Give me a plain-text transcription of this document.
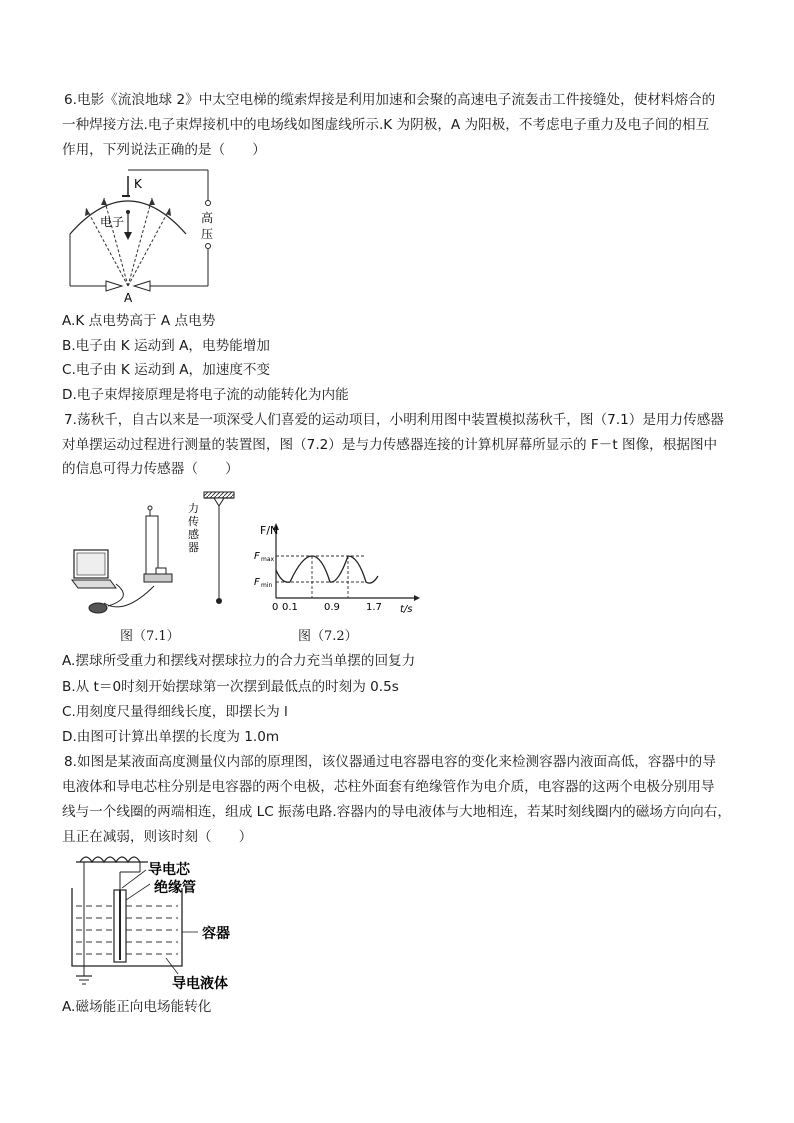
6.电影《流浪地球 2》中太空电梯的缆索焊接是利用加速和会聚的高速电子流轰击工件接缝处，使材料熔合的
一种焊接方法.电子束焊接机中的电场线如图虚线所示.K 为阴极，A 为阳极，不考虑电子重力及电子间的相互
作用，下列说法正确的是（　　）
K
电子
A
高
压
A.K 点电势高于 A 点电势
B.电子由 K 运动到 A，电势能增加
C.电子由 K 运动到 A，加速度不变
D.电子束焊接原理是将电子流的动能转化为内能
7.荡秋千，自古以来是一项深受人们喜爱的运动项目，小明利用图中装置模拟荡秋千，图（7.1）是用力传感器
对单摆运动过程进行测量的装置图，图（7.2）是与力传感器连接的计算机屏幕所显示的 F－t 图像，根据图中
的信息可得力传感器（　　）
力
传
感
器
F/N
t/s
F max
F min
0 0.1	0.9	1.7
图（7.1）	图（7.2）
A.摆球所受重力和摆线对摆球拉力的合力充当单摆的回复力
B.从 t＝0时刻开始摆球第一次摆到最低点的时刻为 0.5s
C.用刻度尺量得细线长度，即摆长为 l
D.由图可计算出单摆的长度为 1.0m
8.如图是某液面高度测量仪内部的原理图，该仪器通过电容器电容的变化来检测容器内液面高低，容器中的导
电液体和导电芯柱分别是电容器的两个电极，芯柱外面套有绝缘管作为电介质，电容器的这两个电极分别用导
线与一个线圈的两端相连，组成 LC 振荡电路.容器内的导电液体与大地相连，若某时刻线圈内的磁场方向向右，
且正在减弱，则该时刻（　　）
导电芯
绝缘管
容器
导电液体
A.磁场能正向电场能转化
